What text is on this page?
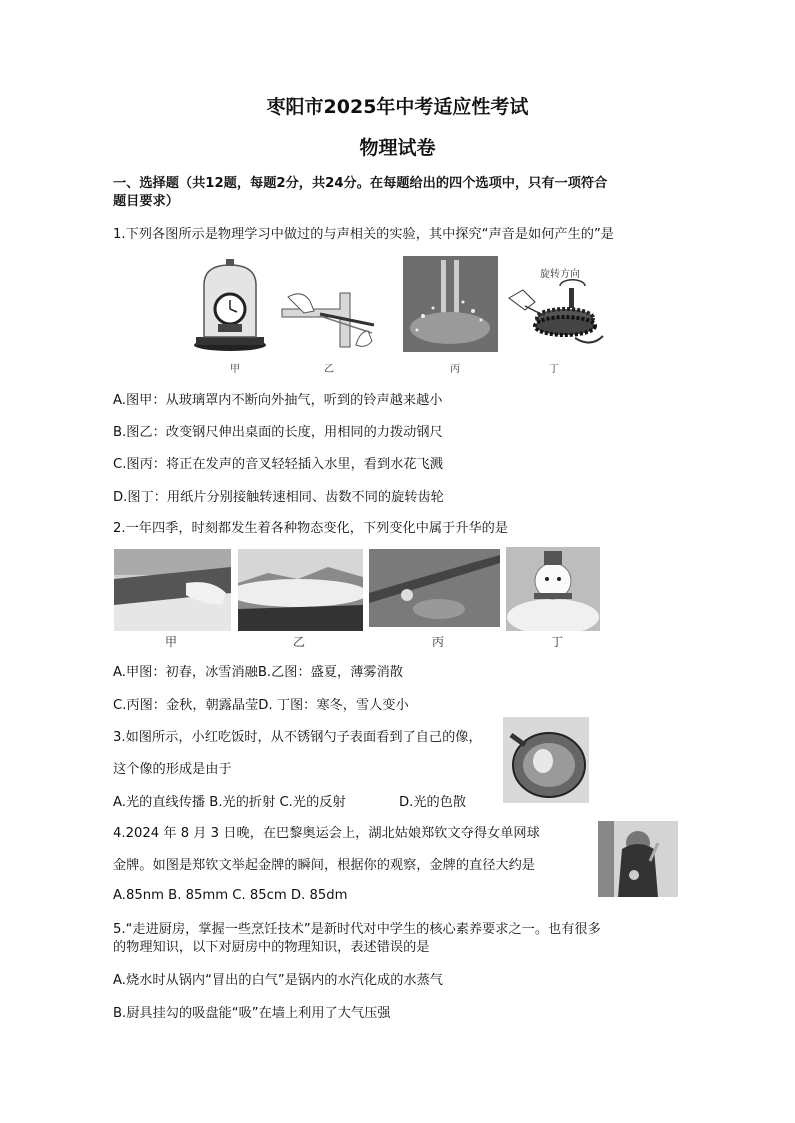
枣阳市2025年中考适应性考试
物理试卷
一、选择题（共12题，每题2分，共24分。在每题给出的四个选项中，只有一项符合
题目要求）
1.下列各图所示是物理学习中做过的与声相关的实验，其中探究“声音是如何产生的”是
甲	乙	丙
旋转方向
丁
A.图甲：从玻璃罩内不断向外抽气，听到的铃声越来越小
B.图乙：改变钢尺伸出桌面的长度，用相同的力拨动钢尺
C.图丙：将正在发声的音叉轻轻插入水里，看到水花飞溅
D.图丁：用纸片分别接触转速相同、齿数不同的旋转齿轮
2.一年四季，时刻都发生着各种物态变化，下列变化中属于升华的是
甲	乙	丙	丁
A.甲图：初春，冰雪消融B.乙图：盛夏，薄雾消散
C.丙图：金秋，朝露晶莹D. 丁图：寒冬，雪人变小
3.如图所示，小红吃饭时，从不锈钢勺子表面看到了自己的像，
这个像的形成是由于
A.光的直线传播 B.光的折射 C.光的反射	D.光的色散
4.2024 年 8 月 3 日晚，在巴黎奥运会上，湖北姑娘郑钦文夺得女单网球
金牌。如图是郑钦文举起金牌的瞬间，根据你的观察，金牌的直径大约是
A.85nm B. 85mm C. 85cm D. 85dm
5.“走进厨房，掌握一些烹饪技术”是新时代对中学生的核心素养要求之一。也有很多
的物理知识，以下对厨房中的物理知识，表述错误的是
A.烧水时从锅内“冒出的白气”是锅内的水汽化成的水蒸气
B.厨具挂勾的吸盘能“吸”在墙上利用了大气压强
